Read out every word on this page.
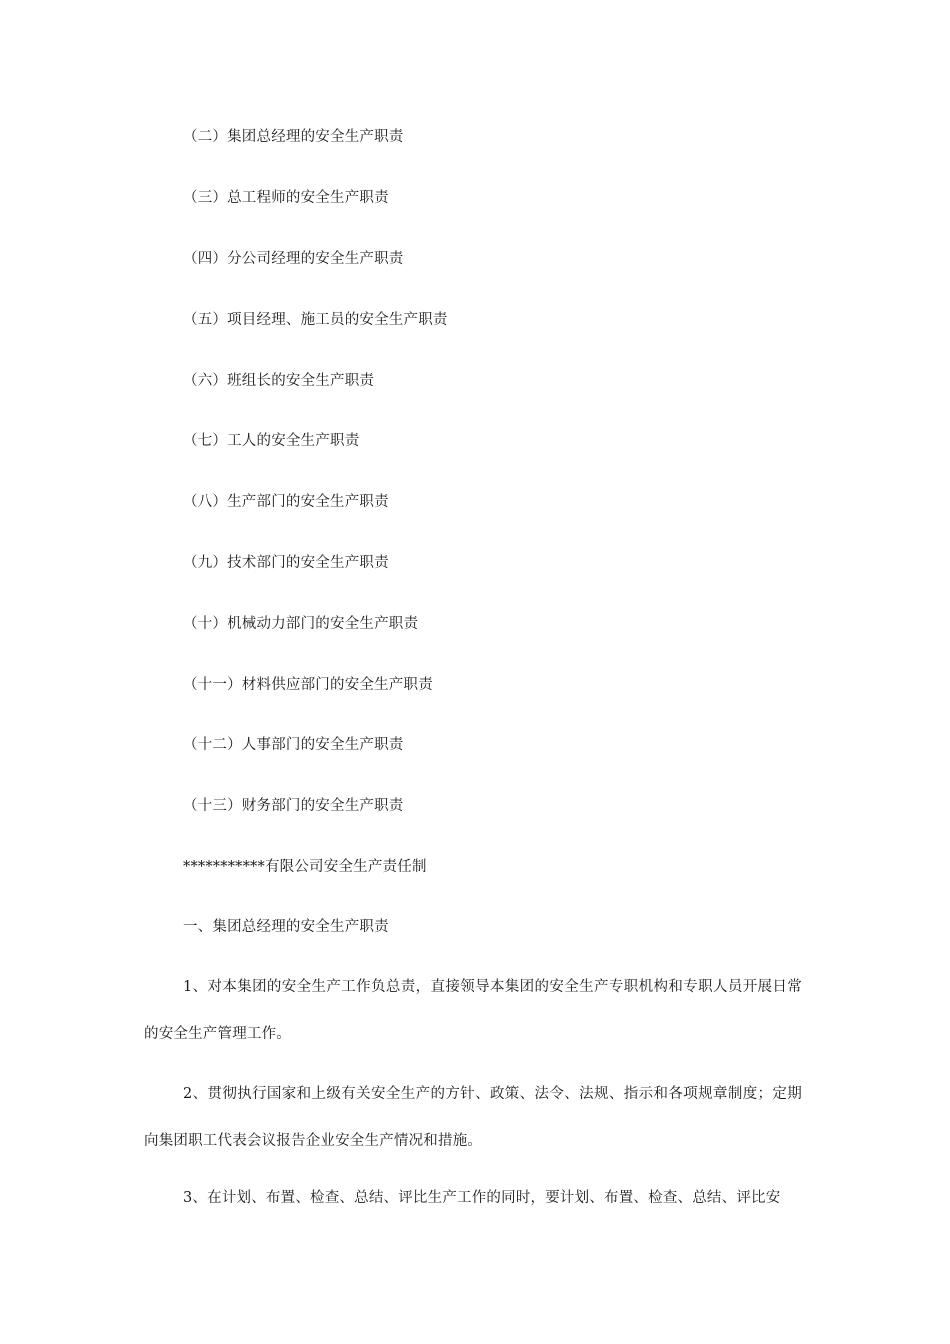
（二）集团总经理的安全生产职责
（三）总工程师的安全生产职责
（四）分公司经理的安全生产职责
（五）项目经理、施工员的安全生产职责
（六）班组长的安全生产职责
（七）工人的安全生产职责
（八）生产部门的安全生产职责
（九）技术部门的安全生产职责
（十）机械动力部门的安全生产职责
（十一）材料供应部门的安全生产职责
（十二）人事部门的安全生产职责
（十三）财务部门的安全生产职责
***********有限公司安全生产责任制
一、集团总经理的安全生产职责
1、对本集团的安全生产工作负总责，直接领导本集团的安全生产专职机构和专职人员开展日常的安全生产管理工作。
2、贯彻执行国家和上级有关安全生产的方针、政策、法令、法规、指示和各项规章制度；定期向集团职工代表会议报告企业安全生产情况和措施。
3、在计划、布置、检查、总结、评比生产工作的同时，要计划、布置、检查、总结、评比安
